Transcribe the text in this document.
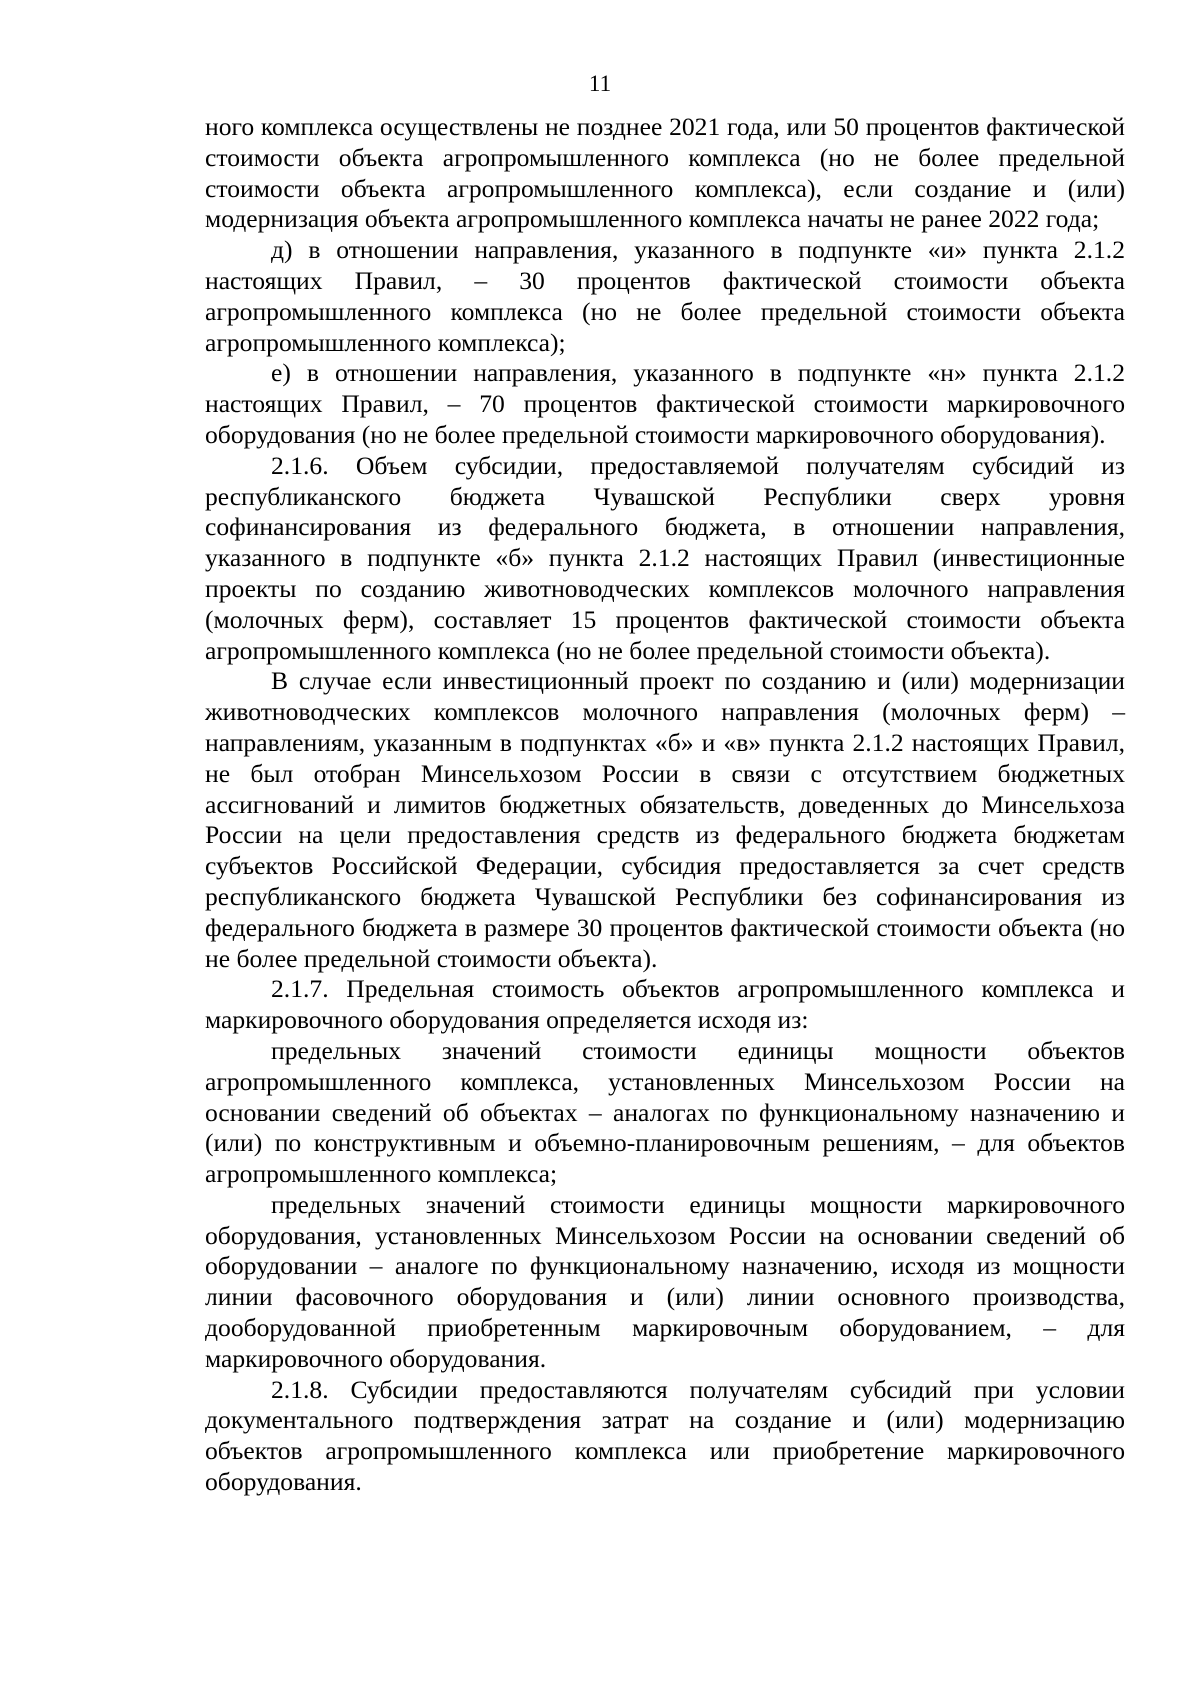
11

ного комплекса осуществлены не позднее 2021 года, или 50 процентов фактической стоимости объекта агропромышленного комплекса (но не более предельной стоимости объекта агропромышленного комплекса), если создание и (или) модернизация объекта агропромышленного комплекса начаты не ранее 2022 года;

д) в отношении направления, указанного в подпункте «и» пункта 2.1.2 настоящих Правил, – 30 процентов фактической стоимости объекта агропромышленного комплекса (но не более предельной стоимости объекта агропромышленного комплекса);

е) в отношении направления, указанного в подпункте «н» пункта 2.1.2 настоящих Правил, – 70 процентов фактической стоимости маркировочного оборудования (но не более предельной стоимости маркировочного оборудования).

2.1.6. Объем субсидии, предоставляемой получателям субсидий из республиканского бюджета Чувашской Республики сверх уровня софинансирования из федерального бюджета, в отношении направления, указанного в подпункте «б» пункта 2.1.2 настоящих Правил (инвестиционные проекты по созданию животноводческих комплексов молочного направления (молочных ферм), составляет 15 процентов фактической стоимости объекта агропромышленного комплекса (но не более предельной стоимости объекта).

В случае если инвестиционный проект по созданию и (или) модернизации животноводческих комплексов молочного направления (молочных ферм) – направлениям, указанным в подпунктах «б» и «в» пункта 2.1.2 настоящих Правил, не был отобран Минсельхозом России в связи с отсутствием бюджетных ассигнований и лимитов бюджетных обязательств, доведенных до Минсельхоза России на цели предоставления средств из федерального бюджета бюджетам субъектов Российской Федерации, субсидия предоставляется за счет средств республиканского бюджета Чувашской Республики без софинансирования из федерального бюджета в размере 30 процентов фактической стоимости объекта (но не более предельной стоимости объекта).

2.1.7. Предельная стоимость объектов агропромышленного комплекса и маркировочного оборудования определяется исходя из:

предельных значений стоимости единицы мощности объектов агропромышленного комплекса, установленных Минсельхозом России на основании сведений об объектах – аналогах по функциональному назначению и (или) по конструктивным и объемно-планировочным решениям, – для объектов агропромышленного комплекса;

предельных значений стоимости единицы мощности маркировочного оборудования, установленных Минсельхозом России на основании сведений об оборудовании – аналоге по функциональному назначению, исходя из мощности линии фасовочного оборудования и (или) линии основного производства, дооборудованной приобретенным маркировочным оборудованием, – для маркировочного оборудования.

2.1.8. Субсидии предоставляются получателям субсидий при условии документального подтверждения затрат на создание и (или) модернизацию объектов агропромышленного комплекса или приобретение маркировочного оборудования.
